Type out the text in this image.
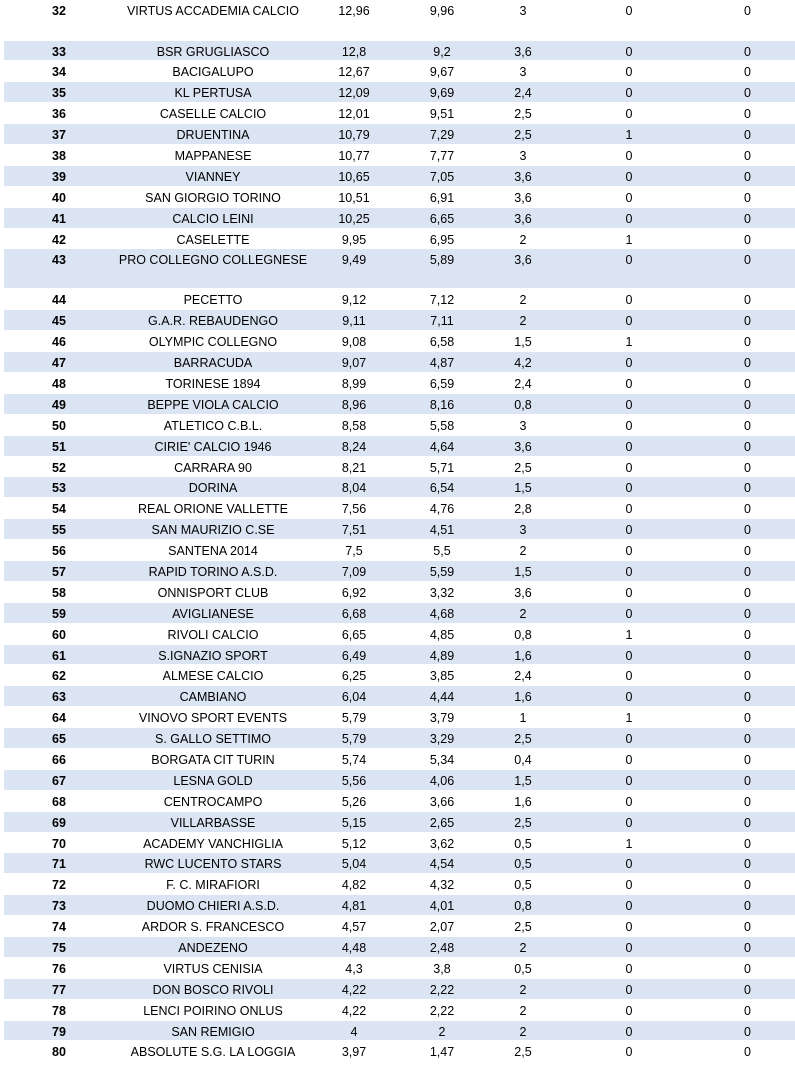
32	VIRTUS ACCADEMIA CALCIO	12,96	9,96	3	0	0
33	BSR GRUGLIASCO	12,8	9,2	3,6	0	0
34	BACIGALUPO	12,67	9,67	3	0	0
35	KL PERTUSA	12,09	9,69	2,4	0	0
36	CASELLE CALCIO	12,01	9,51	2,5	0	0
37	DRUENTINA	10,79	7,29	2,5	1	0
38	MAPPANESE	10,77	7,77	3	0	0
39	VIANNEY	10,65	7,05	3,6	0	0
40	SAN GIORGIO TORINO	10,51	6,91	3,6	0	0
41	CALCIO LEINI	10,25	6,65	3,6	0	0
42	CASELETTE	9,95	6,95	2	1	0
43	PRO COLLEGNO COLLEGNESE	9,49	5,89	3,6	0	0
44	PECETTO	9,12	7,12	2	0	0
45	G.A.R. REBAUDENGO	9,11	7,11	2	0	0
46	OLYMPIC COLLEGNO	9,08	6,58	1,5	1	0
47	BARRACUDA	9,07	4,87	4,2	0	0
48	TORINESE 1894	8,99	6,59	2,4	0	0
49	BEPPE VIOLA CALCIO	8,96	8,16	0,8	0	0
50	ATLETICO C.B.L.	8,58	5,58	3	0	0
51	CIRIE' CALCIO 1946	8,24	4,64	3,6	0	0
52	CARRARA 90	8,21	5,71	2,5	0	0
53	DORINA	8,04	6,54	1,5	0	0
54	REAL ORIONE VALLETTE	7,56	4,76	2,8	0	0
55	SAN MAURIZIO C.SE	7,51	4,51	3	0	0
56	SANTENA 2014	7,5	5,5	2	0	0
57	RAPID TORINO A.S.D.	7,09	5,59	1,5	0	0
58	ONNISPORT CLUB	6,92	3,32	3,6	0	0
59	AVIGLIANESE	6,68	4,68	2	0	0
60	RIVOLI CALCIO	6,65	4,85	0,8	1	0
61	S.IGNAZIO SPORT	6,49	4,89	1,6	0	0
62	ALMESE CALCIO	6,25	3,85	2,4	0	0
63	CAMBIANO	6,04	4,44	1,6	0	0
64	VINOVO SPORT EVENTS	5,79	3,79	1	1	0
65	S. GALLO SETTIMO	5,79	3,29	2,5	0	0
66	BORGATA CIT TURIN	5,74	5,34	0,4	0	0
67	LESNA GOLD	5,56	4,06	1,5	0	0
68	CENTROCAMPO	5,26	3,66	1,6	0	0
69	VILLARBASSE	5,15	2,65	2,5	0	0
70	ACADEMY VANCHIGLIA	5,12	3,62	0,5	1	0
71	RWC LUCENTO STARS	5,04	4,54	0,5	0	0
72	F. C. MIRAFIORI	4,82	4,32	0,5	0	0
73	DUOMO CHIERI A.S.D.	4,81	4,01	0,8	0	0
74	ARDOR S. FRANCESCO	4,57	2,07	2,5	0	0
75	ANDEZENO	4,48	2,48	2	0	0
76	VIRTUS CENISIA	4,3	3,8	0,5	0	0
77	DON BOSCO RIVOLI	4,22	2,22	2	0	0
78	LENCI POIRINO ONLUS	4,22	2,22	2	0	0
79	SAN REMIGIO	4	2	2	0	0
80	ABSOLUTE S.G. LA LOGGIA	3,97	1,47	2,5	0	0
